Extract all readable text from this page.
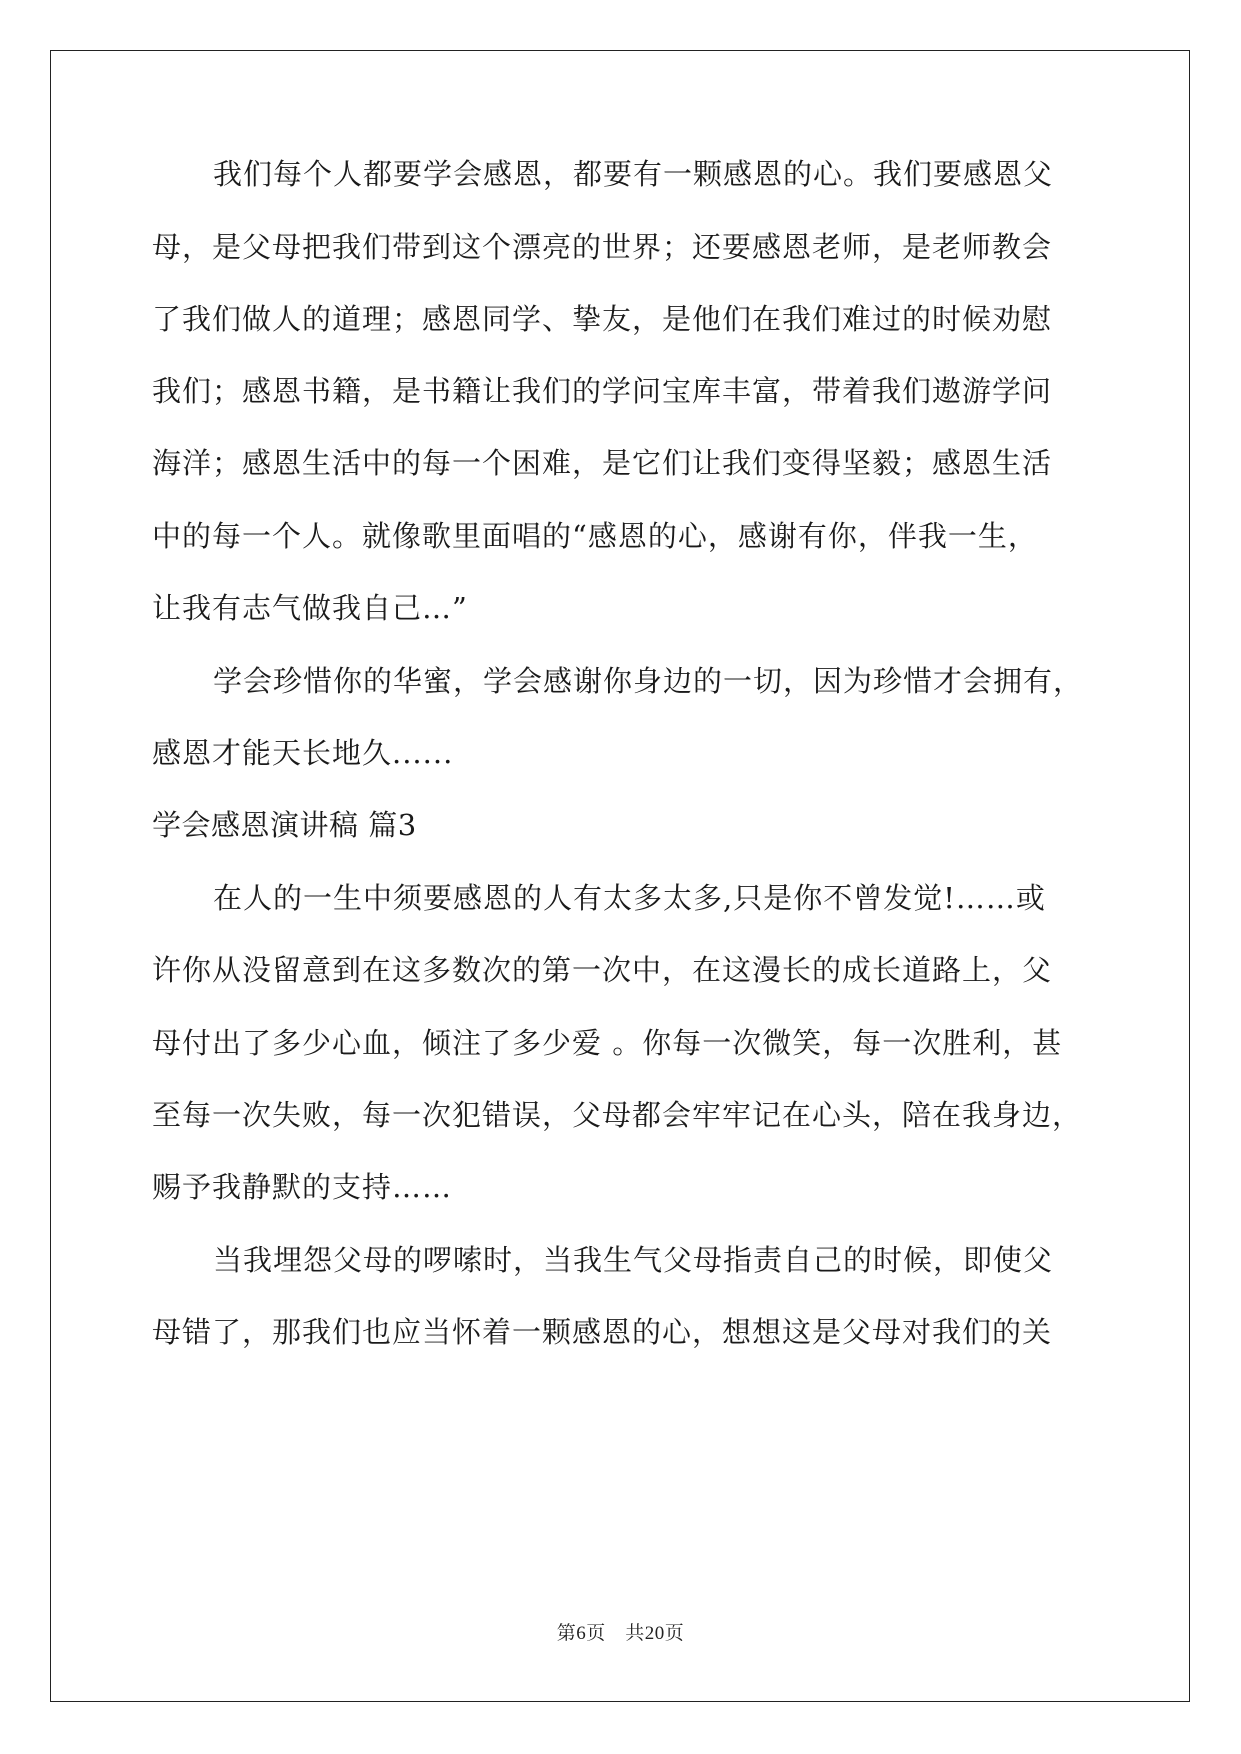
我们每个人都要学会感恩，都要有一颗感恩的心。我们要感恩父
母，是父母把我们带到这个漂亮的世界；还要感恩老师，是老师教会
了我们做人的道理；感恩同学、挚友，是他们在我们难过的时候劝慰
我们；感恩书籍，是书籍让我们的学问宝库丰富，带着我们遨游学问
海洋；感恩生活中的每一个困难，是它们让我们变得坚毅；感恩生活
中的每一个人。就像歌里面唱的“感恩的心，感谢有你，伴我一生，
让我有志气做我自己…”
学会珍惜你的华蜜，学会感谢你身边的一切，因为珍惜才会拥有，
感恩才能天长地久......
学会感恩演讲稿 篇3
在人的一生中须要感恩的人有太多太多,只是你不曾发觉!……或
许你从没留意到在这多数次的第一次中，在这漫长的成长道路上，父
母付出了多少心血，倾注了多少爱 。你每一次微笑，每一次胜利，甚
至每一次失败，每一次犯错误，父母都会牢牢记在心头，陪在我身边，
赐予我静默的支持……
当我埋怨父母的啰嗦时，当我生气父母指责自己的时候，即使父
母错了，那我们也应当怀着一颗感恩的心，想想这是父母对我们的关
第6页　共20页
